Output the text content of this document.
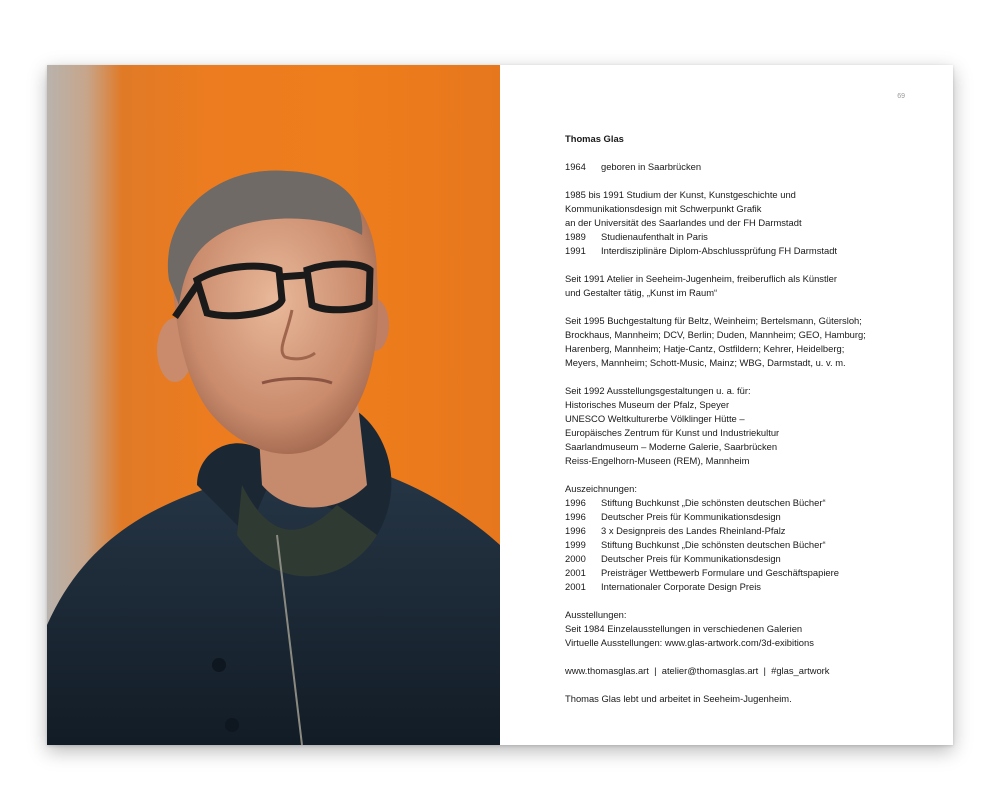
69
Thomas Glas
1964	geboren in Saarbrücken
1985 bis 1991 Studium der Kunst, Kunstgeschichte und
Kommunikationsdesign mit Schwerpunkt Grafik
an der Universität des Saarlandes und der FH Darmstadt
1989	Studienaufenthalt in Paris
1991	Interdisziplinäre Diplom-Abschlussprüfung FH Darmstadt
Seit 1991 Atelier in Seeheim-Jugenheim, freiberuflich als Künstler
und Gestalter tätig, „Kunst im Raum“
Seit 1995 Buchgestaltung für Beltz, Weinheim; Bertelsmann, Gütersloh;
Brockhaus, Mannheim; DCV, Berlin; Duden, Mannheim; GEO, Hamburg;
Harenberg, Mannheim; Hatje-Cantz, Ostfildern; Kehrer, Heidelberg;
Meyers, Mannheim; Schott-Music, Mainz; WBG, Darmstadt, u. v. m.
Seit 1992 Ausstellungsgestaltungen u. a. für:
Historisches Museum der Pfalz, Speyer
UNESCO Weltkulturerbe Völklinger Hütte –
Europäisches Zentrum für Kunst und Industriekultur
Saarlandmuseum – Moderne Galerie, Saarbrücken
Reiss-Engelhorn-Museen (REM), Mannheim
Auszeichnungen:
1996	Stiftung Buchkunst „Die schönsten deutschen Bücher“
1996	Deutscher Preis für Kommunikationsdesign
1996	3 x Designpreis des Landes Rheinland-Pfalz
1999	Stiftung Buchkunst „Die schönsten deutschen Bücher“
2000	Deutscher Preis für Kommunikationsdesign
2001	Preisträger Wettbewerb Formulare und Geschäftspapiere
2001	Internationaler Corporate Design Preis
Ausstellungen:
Seit 1984 Einzelausstellungen in verschiedenen Galerien
Virtuelle Ausstellungen: www.glas-artwork.com/3d-exibitions
www.thomasglas.art  |  atelier@thomasglas.art  |  #glas_artwork
Thomas Glas lebt und arbeitet in Seeheim-Jugenheim.
